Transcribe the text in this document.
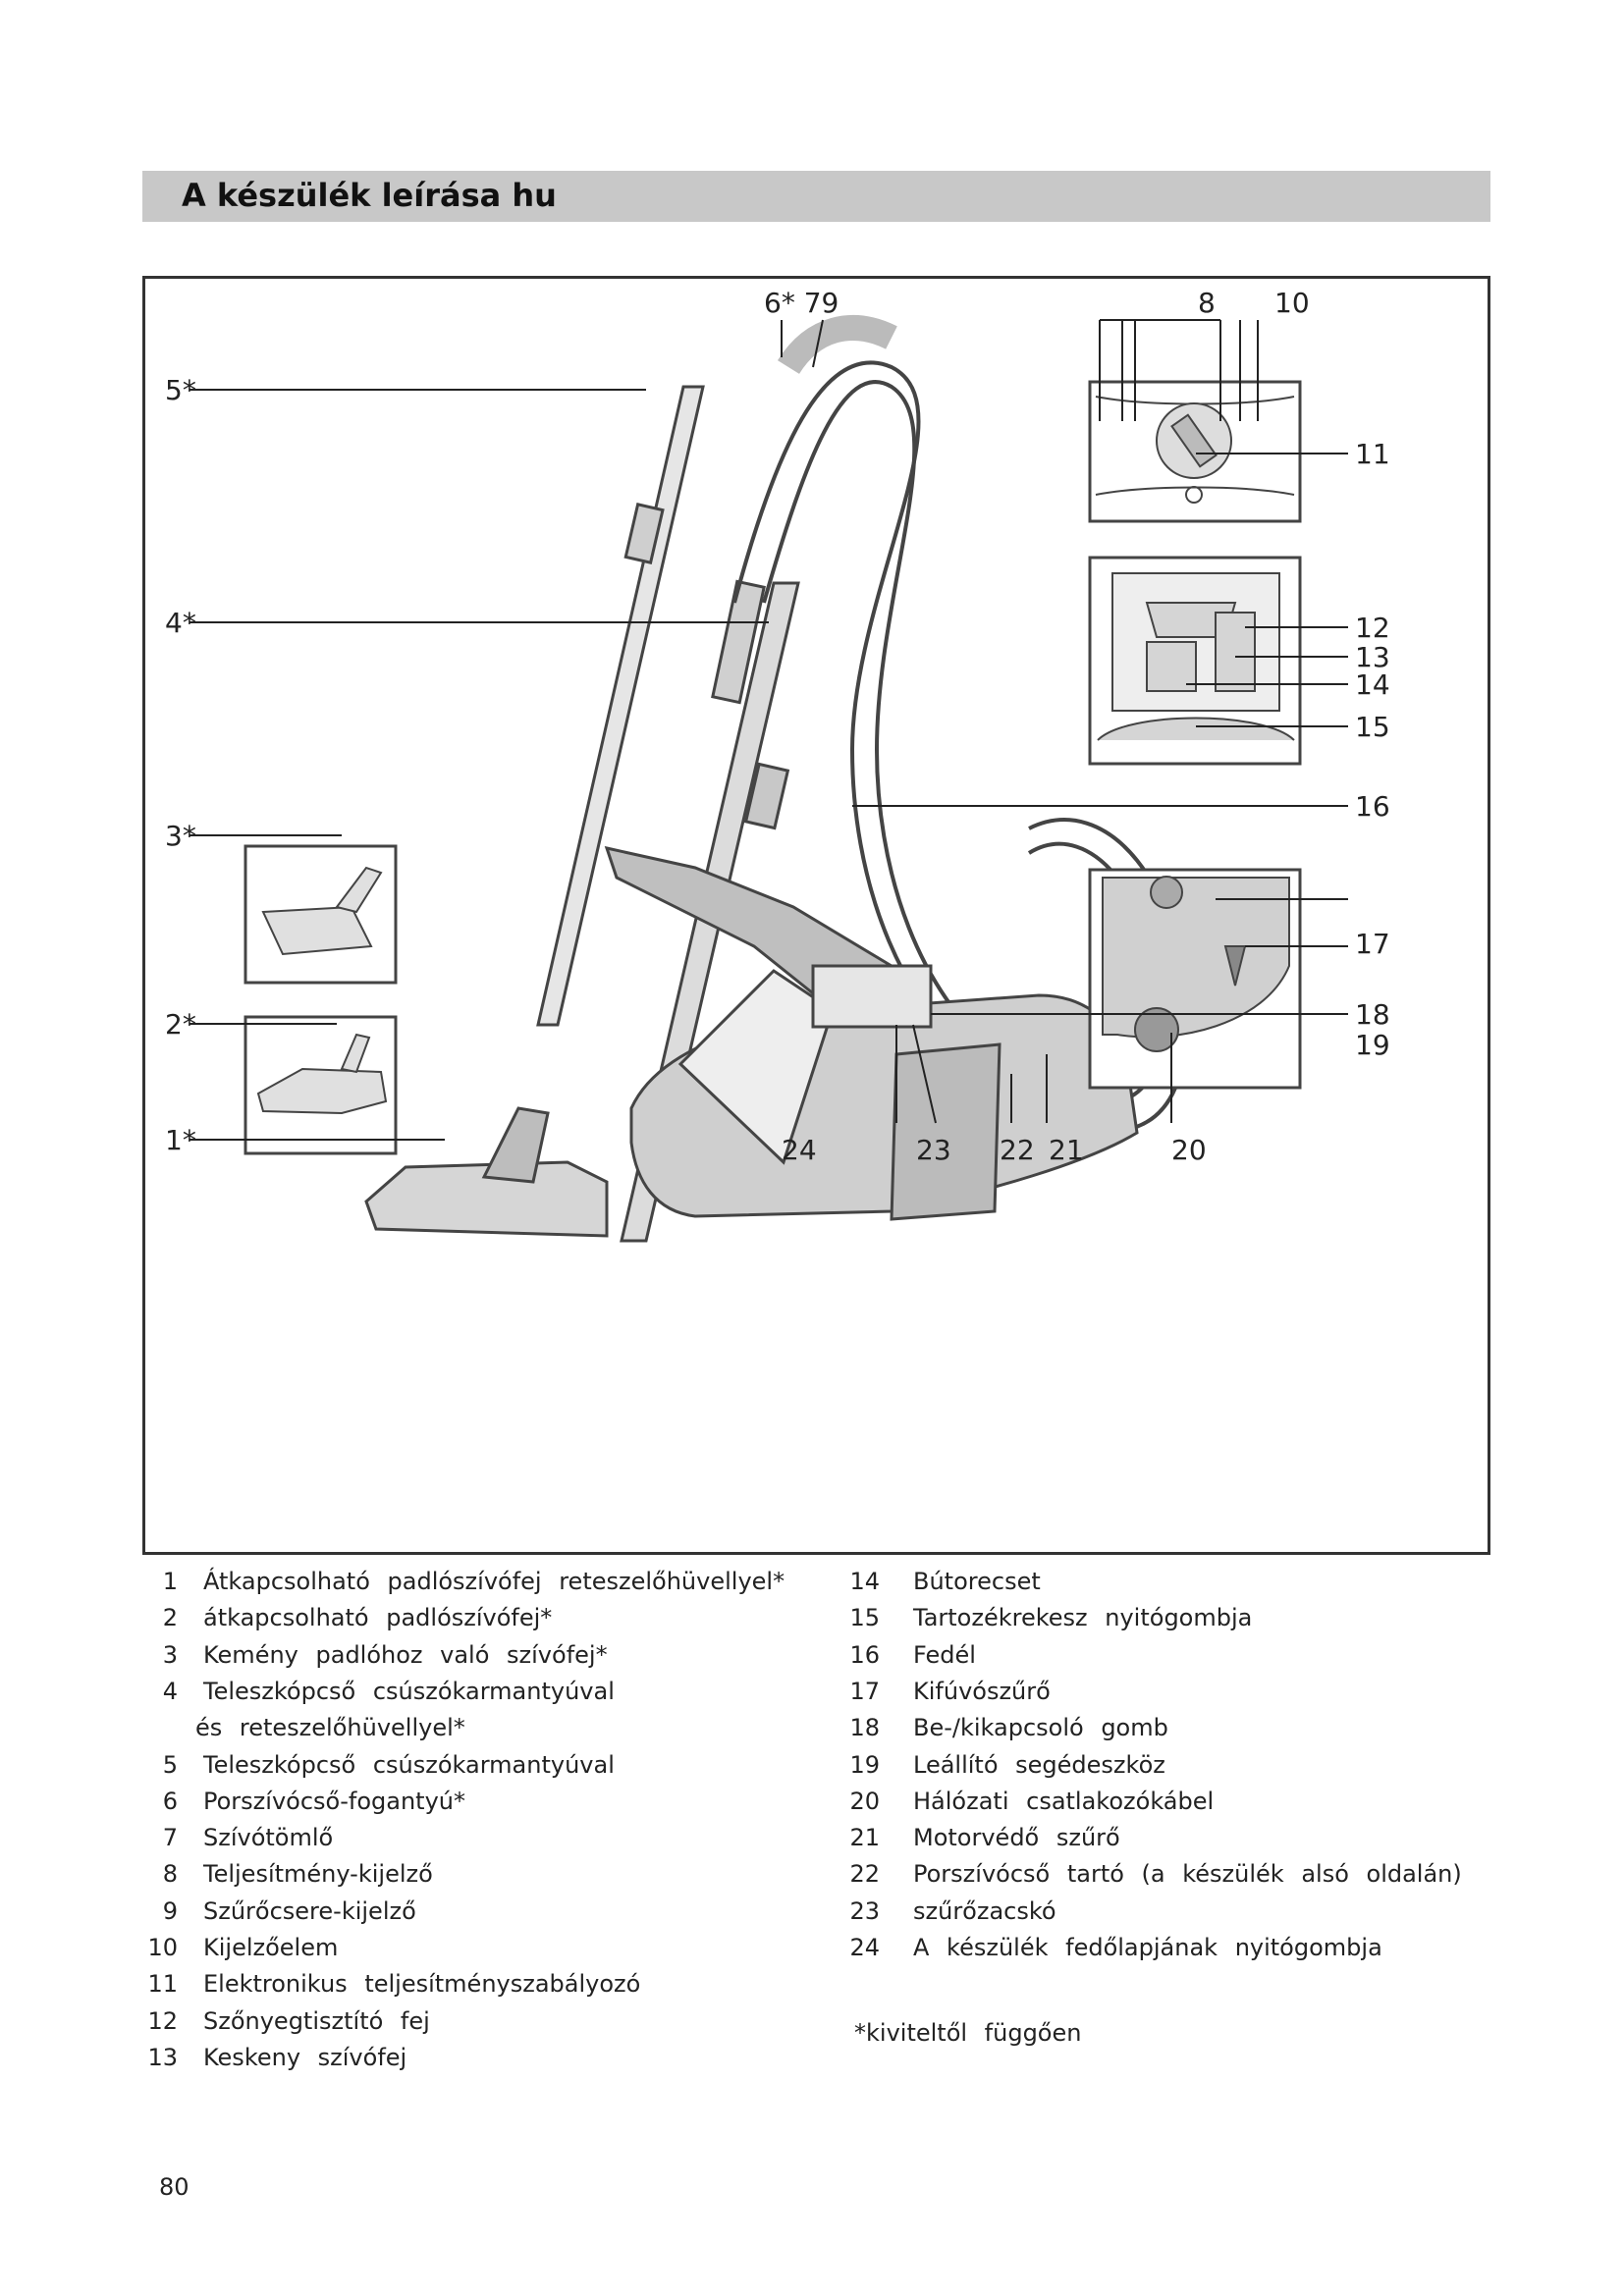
A készülék leírása hu
5*
4*
3*
2*
1*
6* 79	8 10
11
12
13
14
15
16
17
18
19
20
21
22
23
24
1 Átkapcsolható padlószívófej reteszelőhüvellyel*
2 átkapcsolható padlószívófej*
3 Kemény padlóhoz való szívófej*
4 Teleszkópcső csúszókarmantyúval
és reteszelőhüvellyel*
5 Teleszkópcső csúszókarmantyúval
6 Porszívócső-fogantyú*
7 Szívótömlő
8 Teljesítmény-kijelző
9 Szűrőcsere-kijelző
10 Kijelzőelem
11 Elektronikus teljesítményszabályozó
12 Szőnyegtisztító fej
13 Keskeny szívófej
14 Bútorecset
15 Tartozékrekesz nyitógombja
16 Fedél
17 Kifúvószűrő
18 Be-/kikapcsoló gomb
19 Leállító segédeszköz
20 Hálózati csatlakozókábel
21 Motorvédő szűrő
22 Porszívócső tartó (a készülék alsó oldalán)
23 szűrőzacskó
24 A készülék fedőlapjának nyitógombja
*kiviteltől függően
80
